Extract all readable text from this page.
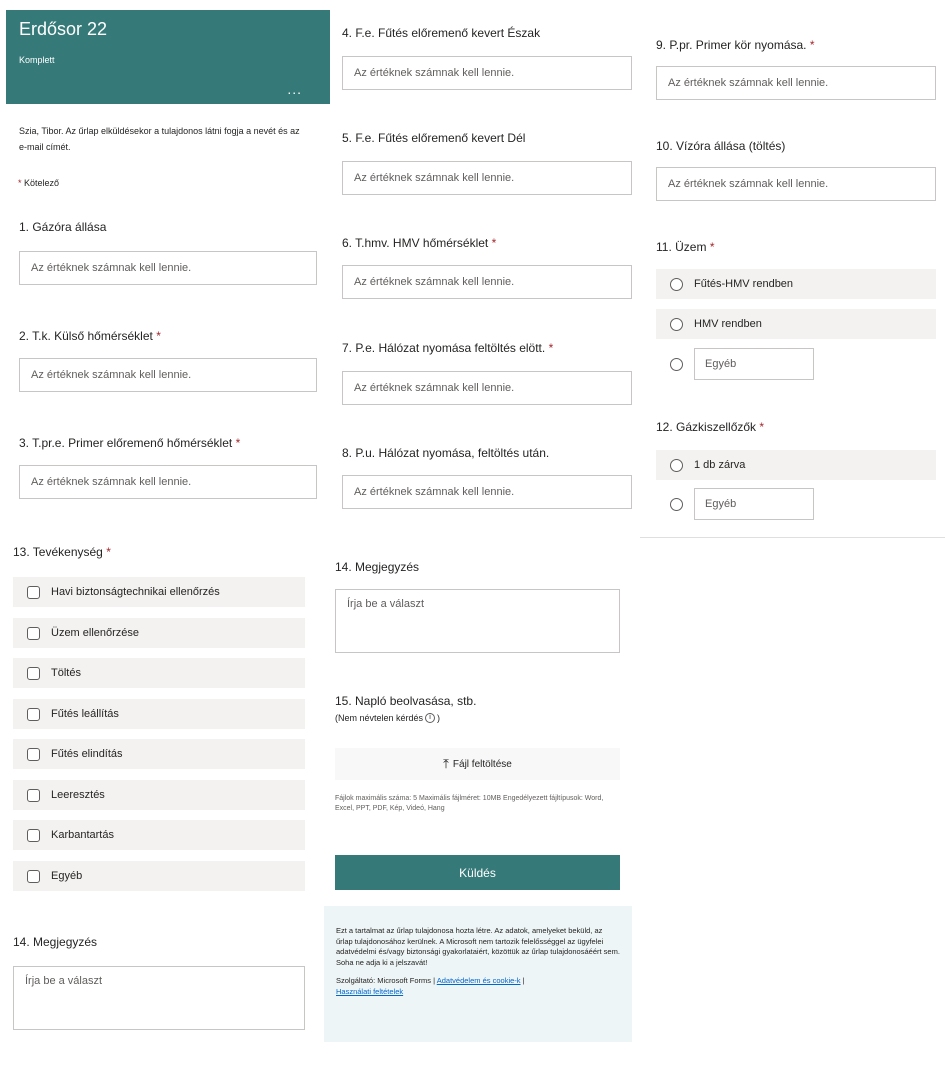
Erdősor 22
Komplett
...
Szia, Tibor. Az űrlap elküldésekor a tulajdonos látni fogja a nevét és az e-mail címét.
* Kötelező
1. Gázóra állása
Az értéknek számnak kell lennie.
2. T.k. Külső hőmérséklet *
Az értéknek számnak kell lennie.
3. T.pr.e. Primer előremenő hőmérséklet *
Az értéknek számnak kell lennie.
13. Tevékenység *
Havi biztonságtechnikai ellenőrzés
Üzem ellenőrzése
Töltés
Fűtés leállítás
Fűtés elindítás
Leeresztés
Karbantartás
Egyéb
14. Megjegyzés
Írja be a választ
4. F.e. Fűtés előremenő kevert Észak
Az értéknek számnak kell lennie.
5. F.e. Fűtés előremenő kevert Dél
Az értéknek számnak kell lennie.
6. T.hmv. HMV hőmérséklet *
Az értéknek számnak kell lennie.
7. P.e. Hálózat nyomása feltöltés elött. *
Az értéknek számnak kell lennie.
8. P.u. Hálózat nyomása, feltöltés után.
Az értéknek számnak kell lennie.
14. Megjegyzés
Írja be a választ
15. Napló beolvasása, stb.
(Nem névtelen kérdés i )
⤒ Fájl feltöltése
Fájlok maximális száma: 5 Maximális fájlméret: 10MB Engedélyezett fájltípusok: Word, Excel, PPT, PDF, Kép, Videó, Hang
Küldés
Ezt a tartalmat az űrlap tulajdonosa hozta létre. Az adatok, amelyeket beküld, az űrlap tulajdonosához kerülnek. A Microsoft nem tartozik felelősséggel az ügyfelei adatvédelmi és/vagy biztonsági gyakorlataiért, közöttük az űrlap tulajdonosáéért sem. Soha ne adja ki a jelszavát!
Szolgáltató: Microsoft Forms | Adatvédelem és cookie-k |
Használati feltételek
9. P.pr. Primer kör nyomása. *
Az értéknek számnak kell lennie.
10. Vízóra állása (töltés)
Az értéknek számnak kell lennie.
11. Üzem *
Fűtés-HMV rendben
HMV rendben
Egyéb
12. Gázkiszellőzők *
1 db zárva
Egyéb
